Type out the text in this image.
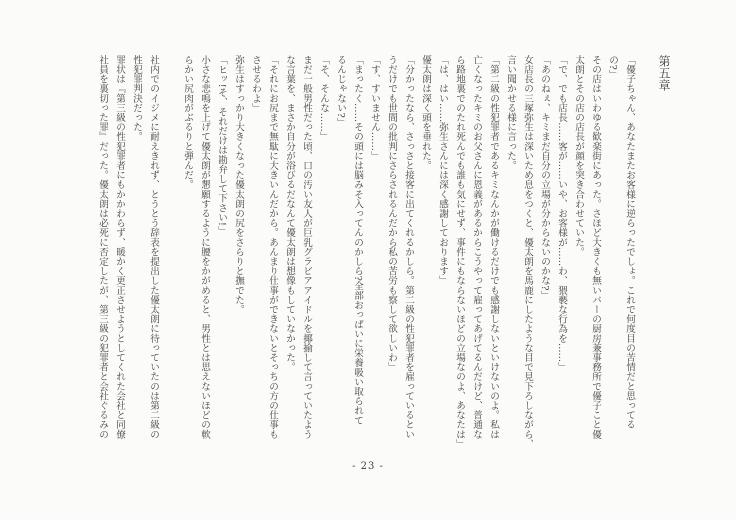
第五章

「優子ちゃん、あなたまたお客様に逆らったでしょ。これで何度目の苦情だと思ってる

の?」

その店はいわゆる歓楽街にあった。さほど大きくも無いバーの厨房兼事務所で優子こと優

太朗とその店の店長が顔を突き合わせていた。

「で、でも店長……客が……いや、お客様が……わ、猥褻な行為を……」

「あのねぇ、キミまだ自分の立場が分からないのかな?」

女店長の三塚弥生は深いため息をつくと、優太朗を馬鹿にしたような目で見下ろしながら、

言い聞かせる様に言った。

「第二級の性犯罪者であるキミなんかが働けるだけでも感謝しないといけないのよ。私は

亡くなったキミのお父さんに恩義があるからこうやって雇ってあげてるんだけど、普通な

ら路地裏でのたれ死んでも誰も気にせず、事件にもならないほどの立場なのよ、あなたは」

「は、はい……弥生さんには深く感謝しております」

優太朗は深く頭を垂れた。

「分かったなら、さっさと接客に出てくれるかしら。第二級の性犯罪者を雇っているとい

うだけでも世間の批判にさらされるんだから私の苦労も察して欲しいわ」

「す、すいません……」

「まったく……その頭には脳みそ入ってんのかしら?全部おっぱいに栄養吸い取られて

るんじゃない?」

「そ、そんな……」

まだ一般男性だった頃、口の汚い友人が巨乳グラビアアイドルを揶揄して言っていたよう

な言葉を、まさか自分が浴びるだなんて優太朗は想像もしていなかった。

「それにお尻まで無駄に大きいんだから。あんまり仕事ができないとそっちの方の仕事も

させるわよ」

弥生はすっかり大きくなった優太朗の尻をさらりと撫でた。

「ヒッ!そ、それだけは勘弁して下さい!」

小さな悲鳴を上げて優太朗が懇願するように腰をかがめると、男性とは思えないほどの軟

らかい尻肉がぶるりと弾んだ。

社内でのイジメに耐えきれず、とうとう辞表を提出した優太朗に待っていたのは第二級の

性犯罪判決だった。

罪状は『第三級の性犯罪者にもかかわらず、暖かく更正させようとしてくれた会社と同僚

社員を裏切った罪』だった。優太朗は必死に否定したが、第三級の犯罪者と会社ぐるみの

- 23 -
